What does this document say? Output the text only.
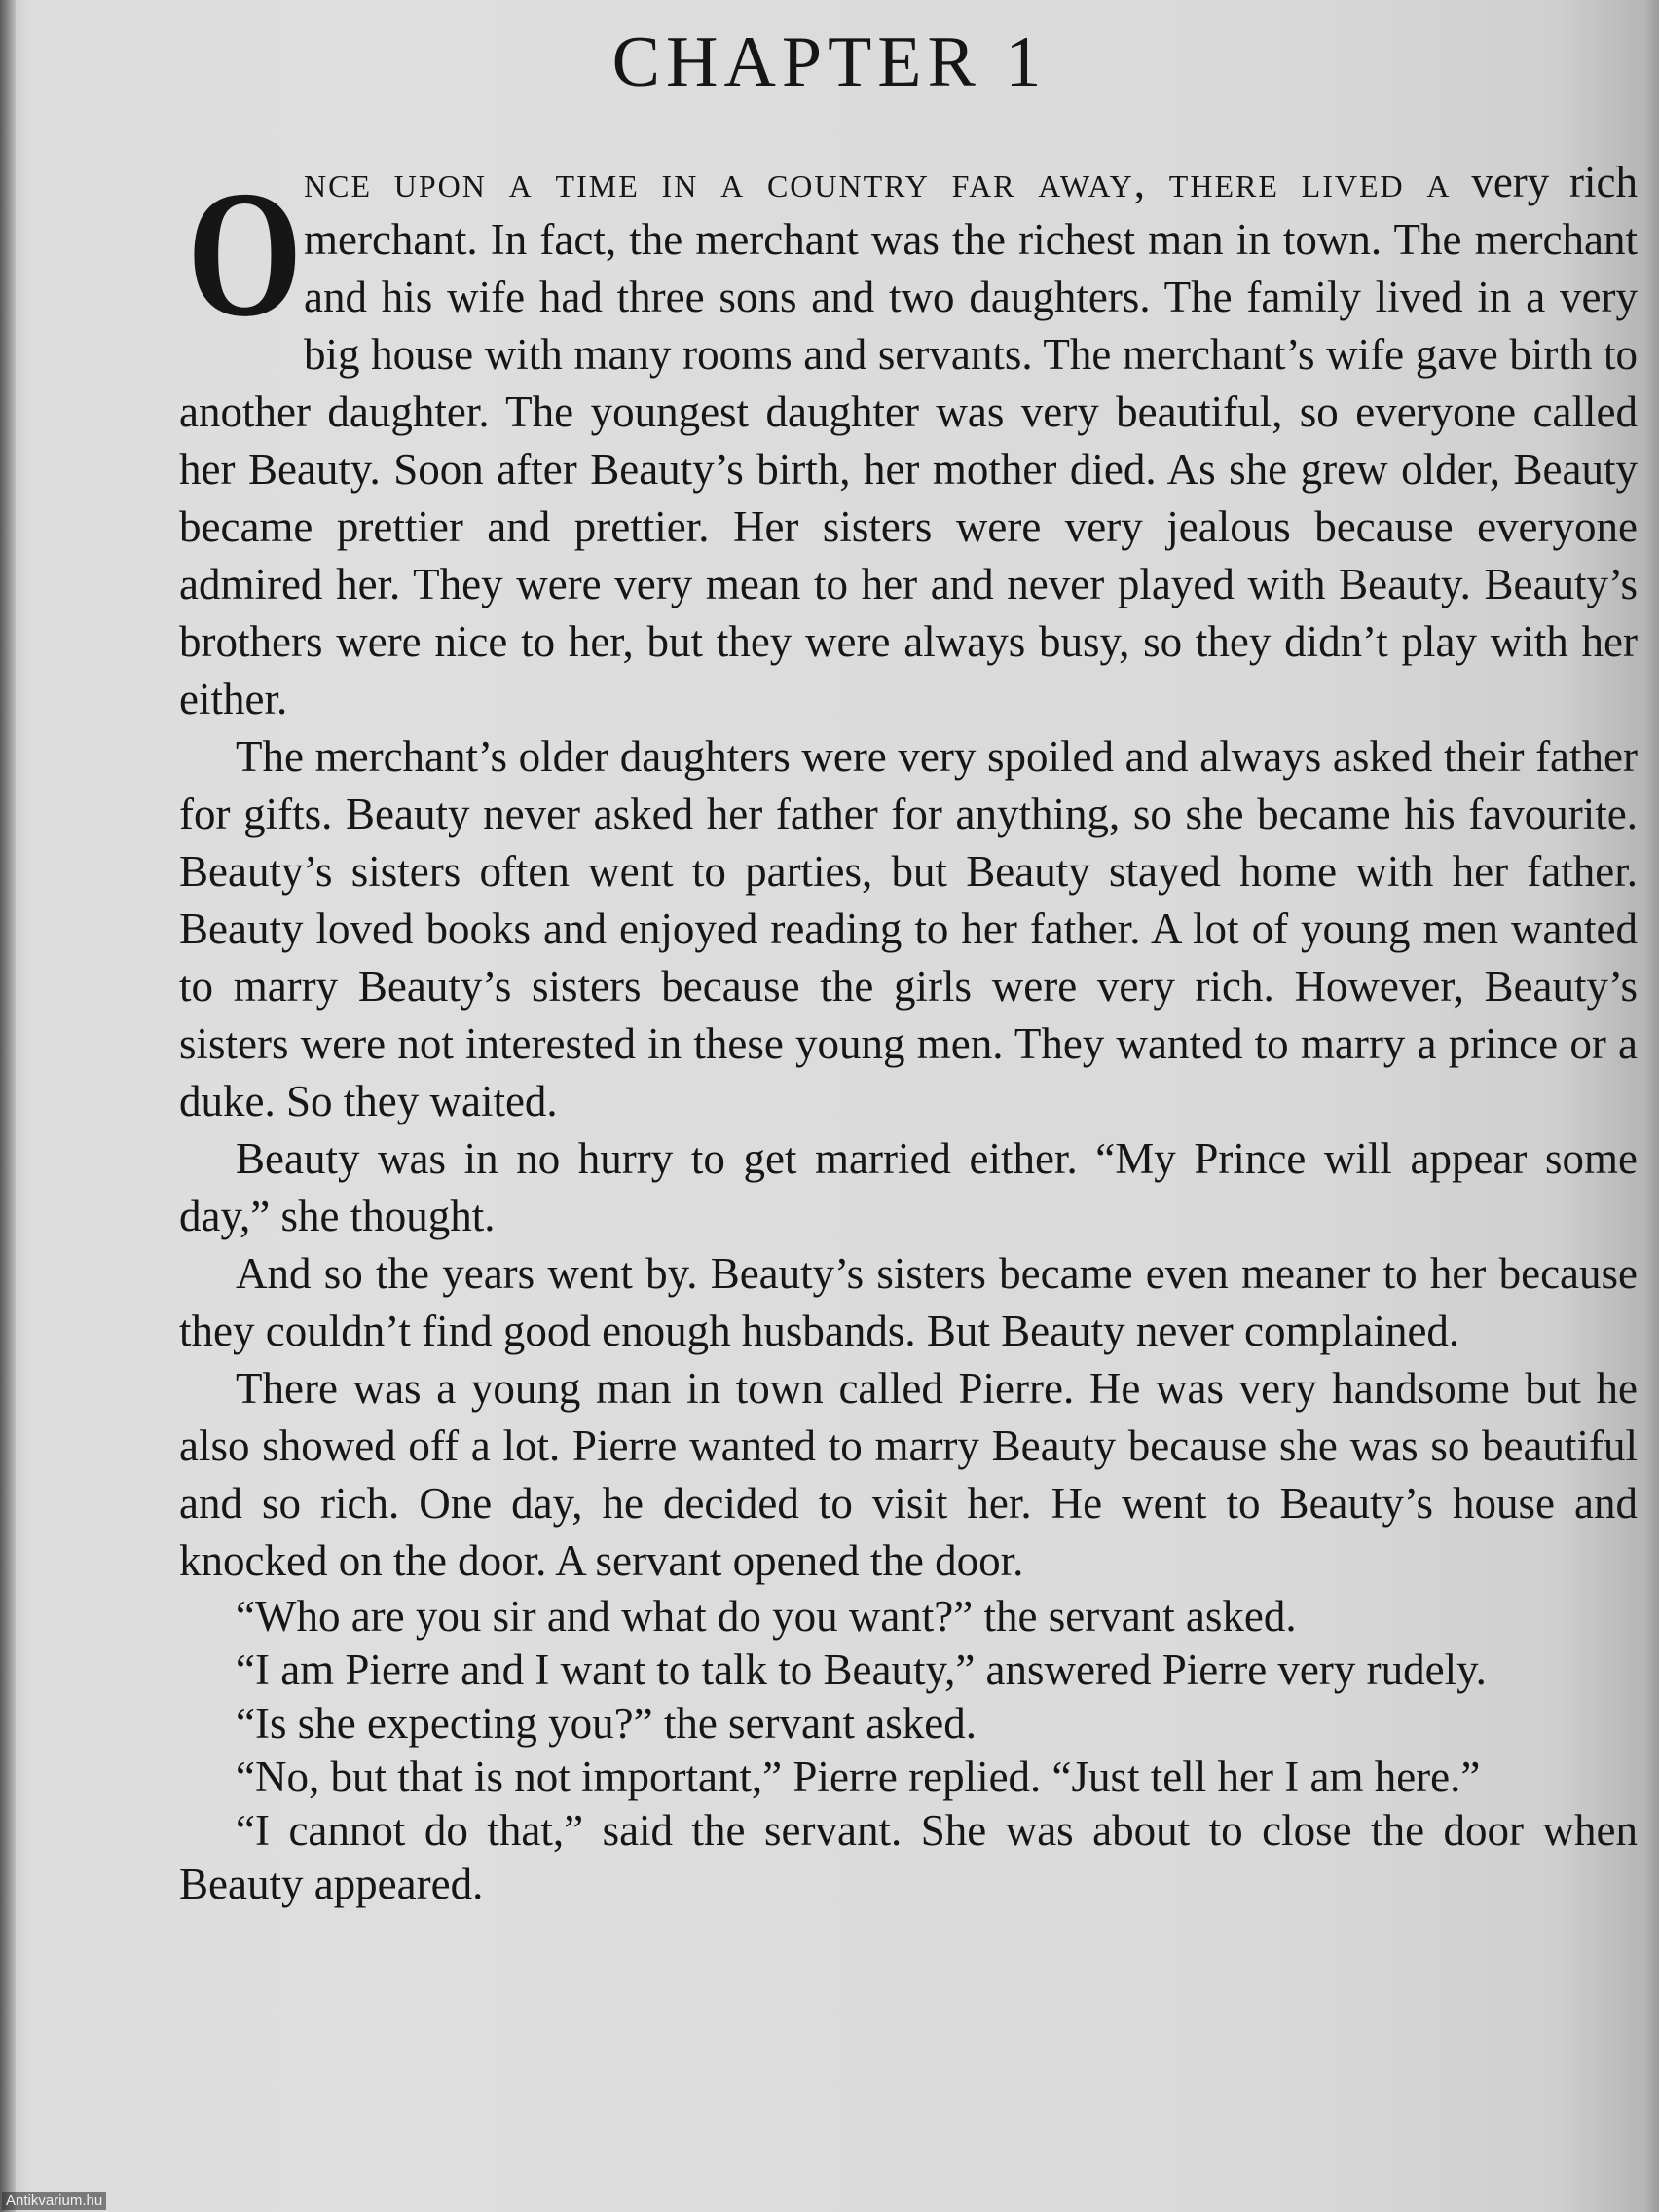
CHAPTER 1

Once upon a time in a country far away, there lived a very rich merchant. In fact, the merchant was the richest man in town. The merchant and his wife had three sons and two daughters. The family lived in a very big house with many rooms and servants. The merchant’s wife gave birth to another daughter. The youngest daughter was very beautiful, so everyone called her Beauty. Soon after Beauty’s birth, her mother died. As she grew older, Beauty became prettier and prettier. Her sisters were very jealous because everyone admired her. They were very mean to her and never played with Beauty. Beauty’s brothers were nice to her, but they were always busy, so they didn’t play with her either.

The merchant’s older daughters were very spoiled and always asked their father for gifts. Beauty never asked her father for anything, so she became his favourite. Beauty’s sisters often went to parties, but Beauty stayed home with her father. Beauty loved books and enjoyed reading to her father. A lot of young men wanted to marry Beauty’s sisters because the girls were very rich. However, Beauty’s sisters were not interested in these young men. They wanted to marry a prince or a duke. So they waited.

Beauty was in no hurry to get married either. “My Prince will appear some day,” she thought.

And so the years went by. Beauty’s sisters became even meaner to her because they couldn’t find good enough husbands. But Beauty never complained.

There was a young man in town called Pierre. He was very handsome but he also showed off a lot. Pierre wanted to marry Beauty because she was so beautiful and so rich. One day, he decided to visit her. He went to Beauty’s house and knocked on the door. A servant opened the door.

“Who are you sir and what do you want?” the servant asked.

“I am Pierre and I want to talk to Beauty,” answered Pierre very rudely.

“Is she expecting you?” the servant asked.

“No, but that is not important,” Pierre replied. “Just tell her I am here.”

“I cannot do that,” said the servant. She was about to close the door when Beauty appeared.

Antikvarium.hu
